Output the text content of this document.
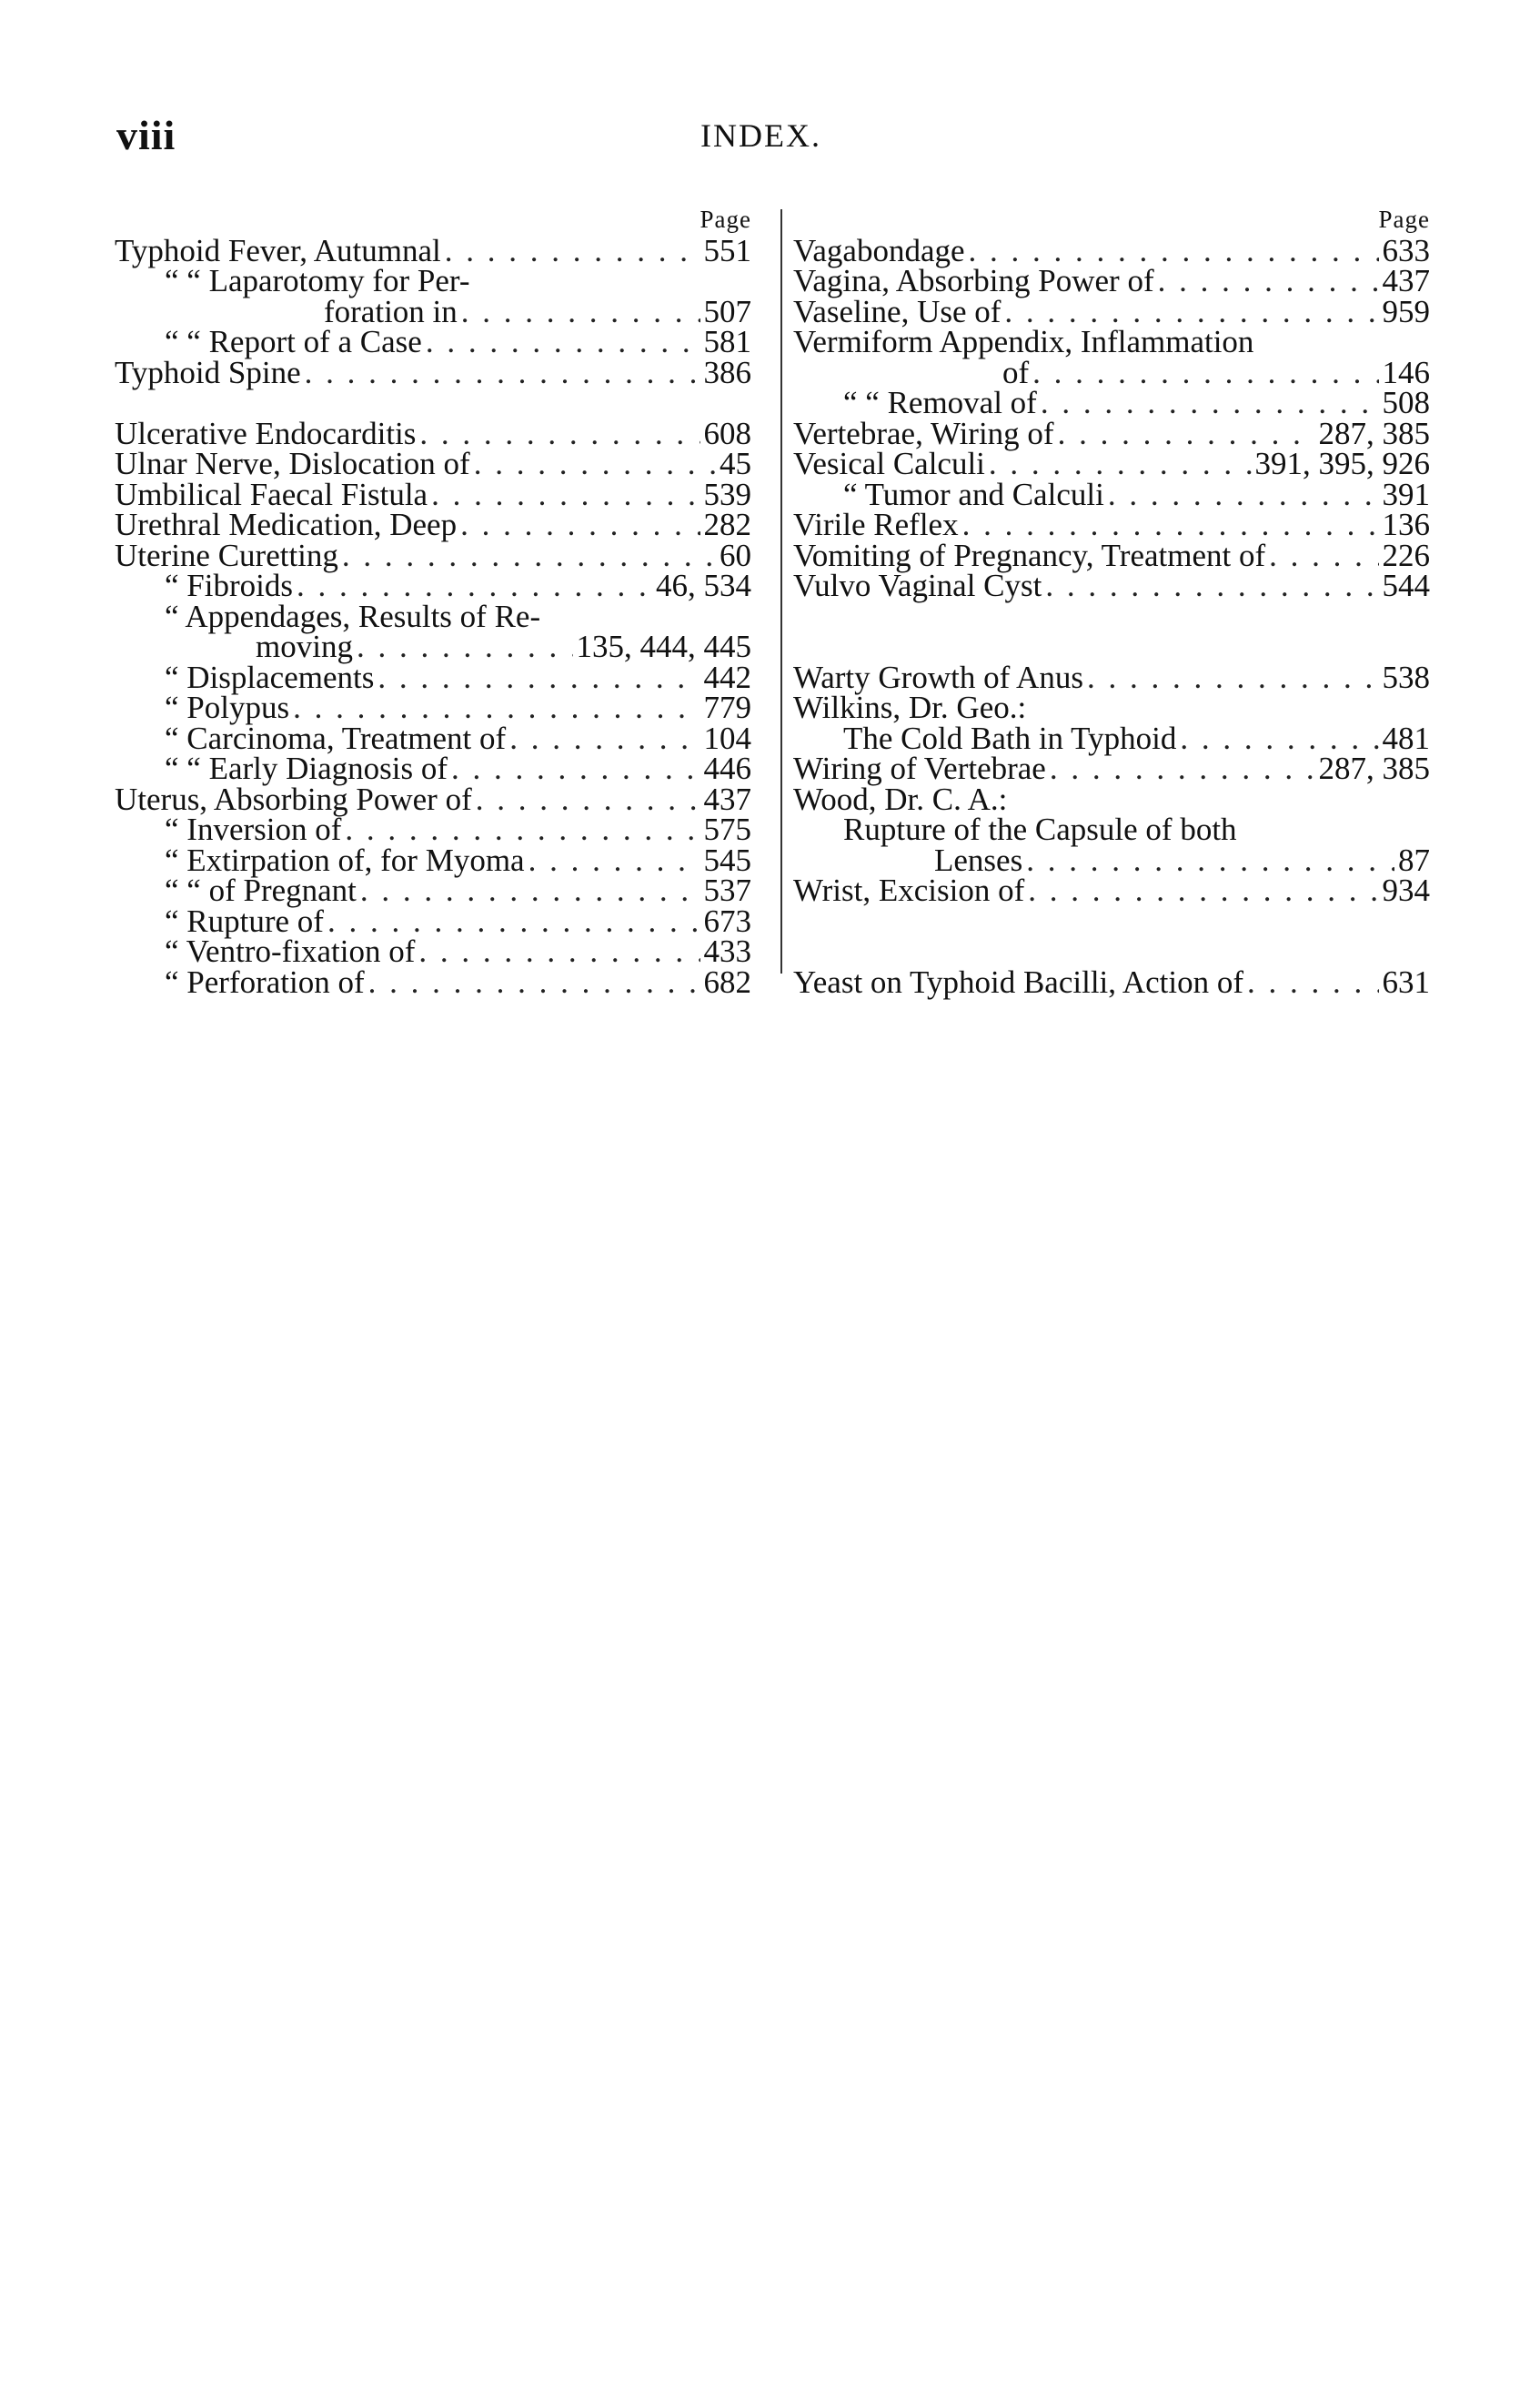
viii	INDEX.
Page
Typhoid Fever, Autumnal . . .	551
“ “ Laparotomy for Per-
foration in . . .	507
“ “ Report of a Case . . .	581
Typhoid Spine . . .	386
Ulcerative Endocarditis . . .	608
Ulnar Nerve, Dislocation of . . .	45
Umbilical Faecal Fistula . . .	539
Urethral Medication, Deep . . .	282
Uterine Curetting . . .	60
“ Fibroids . . .	46, 534
“ Appendages, Results of Re-
moving . . .	135, 444, 445
“ Displacements . . .	442
“ Polypus . . .	779
“ Carcinoma, Treatment of . . .	104
“ “ Early Diagnosis of . . .	446
Uterus, Absorbing Power of . . .	437
“ Inversion of . . .	575
“ Extirpation of, for Myoma . . .	545
“ “ of Pregnant . . .	537
“ Rupture of . . .	673
“ Ventro-fixation of . . .	433
“ Perforation of . . .	682
Page
Vagabondage . . .	633
Vagina, Absorbing Power of . . .	437
Vaseline, Use of . . .	959
Vermiform Appendix, Inflammation
of . . .	146
“ “ Removal of . . .	508
Vertebrae, Wiring of . . .	287, 385
Vesical Calculi . . .	391, 395, 926
“ Tumor and Calculi . . .	391
Virile Reflex . . .	136
Vomiting of Pregnancy, Treatment of . . .	226
Vulvo Vaginal Cyst . . .	544
Warty Growth of Anus . . .	538
Wilkins, Dr. Geo.:
The Cold Bath in Typhoid . . .	481
Wiring of Vertebrae . . .	287, 385
Wood, Dr. C. A.:
Rupture of the Capsule of both
Lenses . . .	87
Wrist, Excision of . . .	934
Yeast on Typhoid Bacilli, Action of . . .	631
